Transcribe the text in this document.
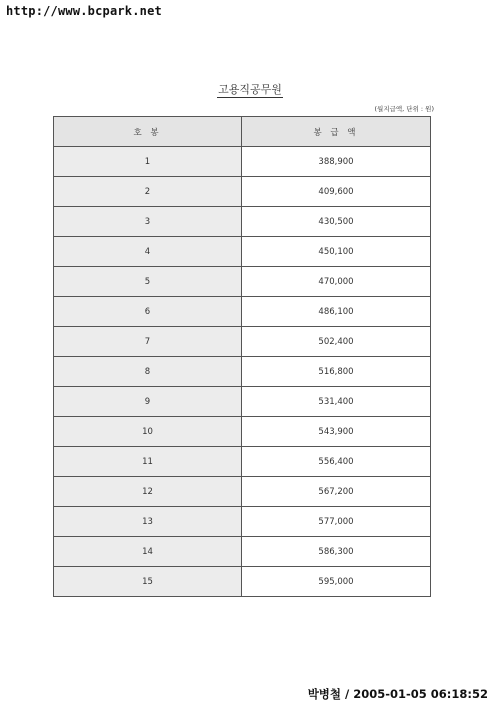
http://www.bcpark.net
고용직공무원
(월지급액, 단위 : 원)
호 봉	봉 급 액
1	388,900
2	409,600
3	430,500
4	450,100
5	470,000
6	486,100
7	502,400
8	516,800
9	531,400
10	543,900
11	556,400
12	567,200
13	577,000
14	586,300
15	595,000
박병철 / 2005-01-05 06:18:52
